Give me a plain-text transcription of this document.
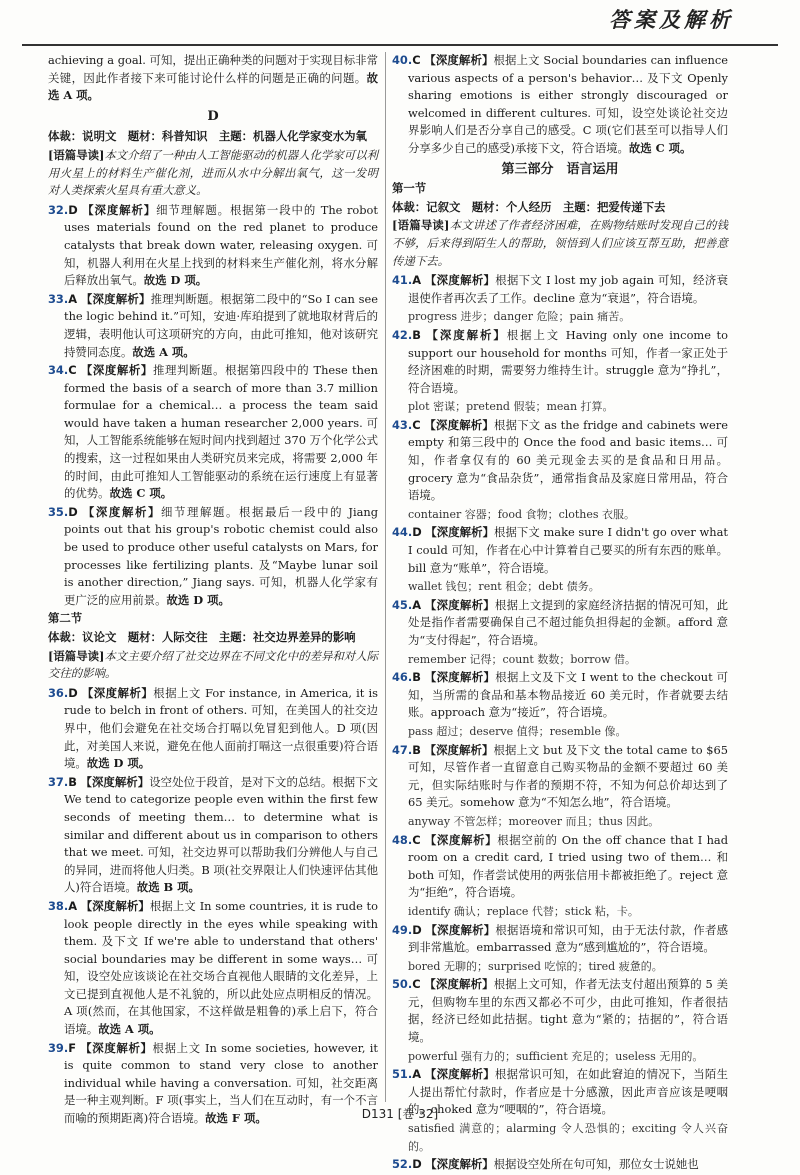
答案及解析

achieving a goal. 可知，提出正确种类的问题对于实现目标非常关键，因此作者接下来可能讨论什么样的问题是正确的问题。故选 A 项。

D
体裁：说明文　题材：科普知识　主题：机器人化学家变水为氧

[语篇导读]本文介绍了一种由人工智能驱动的机器人化学家可以利用火星上的材料生产催化剂，进而从水中分解出氧气，这一发明对人类探索火星具有重大意义。

32.D 【深度解析】细节理解题。根据第一段中的 The robot uses materials found on the red planet to produce catalysts that break down water, releasing oxygen. 可知，机器人利用在火星上找到的材料来生产催化剂，将水分解后释放出氧气。故选 D 项。

33.A 【深度解析】推理判断题。根据第二段中的“So I can see the logic behind it.”可知，安迪·库珀提到了就地取材背后的逻辑，表明他认可这项研究的方向，由此可推知，他对该研究持赞同态度。故选 A 项。

34.C 【深度解析】推理判断题。根据第四段中的 These then formed the basis of a search of more than 3.7 million formulae for a chemical… a process the team said would have taken a human researcher 2,000 years. 可知，人工智能系统能够在短时间内找到超过 370 万个化学公式的搜索，这一过程如果由人类研究员来完成，将需要 2,000 年的时间，由此可推知人工智能驱动的系统在运行速度上有显著的优势。故选 C 项。

35.D 【深度解析】细节理解题。根据最后一段中的 Jiang points out that his group's robotic chemist could also be used to produce other useful catalysts on Mars, for processes like fertilizing plants. 及“Maybe lunar soil is another direction,” Jiang says. 可知，机器人化学家有更广泛的应用前景。故选 D 项。

第二节
体裁：议论文　题材：人际交往　主题：社交边界差异的影响

[语篇导读]本文主要介绍了社交边界在不同文化中的差异和对人际交往的影响。

36.D 【深度解析】根据上文 For instance, in America, it is rude to belch in front of others. 可知，在美国人的社交边界中，他们会避免在社交场合打嗝以免冒犯到他人。D 项(因此，对美国人来说，避免在他人面前打嗝这一点很重要)符合语境。故选 D 项。

37.B 【深度解析】设空处位于段首，是对下文的总结。根据下文 We tend to categorize people even within the first few seconds of meeting them… to determine what is similar and different about us in comparison to others that we meet. 可知，社交边界可以帮助我们分辨他人与自己的异同，进而将他人归类。B 项(社交界限让人们快速评估其他人)符合语境。故选 B 项。

38.A 【深度解析】根据上文 In some countries, it is rude to look people directly in the eyes while speaking with them. 及下文 If we're able to understand that others' social boundaries may be different in some ways… 可知，设空处应该谈论在社交场合直视他人眼睛的文化差异，上文已提到直视他人是不礼貌的，所以此处应点明相反的情况。A 项(然而，在其他国家，不这样做是粗鲁的)承上启下，符合语境。故选 A 项。

39.F 【深度解析】根据上文 In some societies, however, it is quite common to stand very close to another individual while having a conversation. 可知，社交距离是一种主观判断。F 项(事实上，当人们在互动时，有一个不言而喻的预期距离)符合语境。故选 F 项。

40.C 【深度解析】根据上文 Social boundaries can influence various aspects of a person's behavior… 及下文 Openly sharing emotions is either strongly discouraged or welcomed in different cultures. 可知，设空处谈论社交边界影响人们是否分享自己的感受。C 项(它们甚至可以指导人们分享多少自己的感受)承接下文，符合语境。故选 C 项。

第三部分　语言运用
第一节
体裁：记叙文　题材：个人经历　主题：把爱传递下去

[语篇导读]本文讲述了作者经济困难，在购物结账时发现自己的钱不够，后来得到陌生人的帮助，领悟到人们应该互帮互助，把善意传递下去。

41.A 【深度解析】根据下文 I lost my job again 可知，经济衰退使作者再次丢了工作。decline 意为“衰退”，符合语境。

progress 进步；danger 危险；pain 痛苦。

42.B 【深度解析】根据上文 Having only one income to support our household for months 可知，作者一家正处于经济困难的时期，需要努力维持生计。struggle 意为“挣扎”，符合语境。

plot 密谋；pretend 假装；mean 打算。

43.C 【深度解析】根据下文 as the fridge and cabinets were empty 和第三段中的 Once the food and basic items… 可知，作者拿仅有的 60 美元现金去买的是食品和日用品。grocery 意为“食品杂货”，通常指食品及家庭日常用品，符合语境。

container 容器；food 食物；clothes 衣服。

44.D 【深度解析】根据下文 make sure I didn't go over what I could 可知，作者在心中计算着自己要买的所有东西的账单。bill 意为“账单”，符合语境。

wallet 钱包；rent 租金；debt 债务。

45.A 【深度解析】根据上文提到的家庭经济拮据的情况可知，此处是指作者需要确保自己不超过能负担得起的金额。afford 意为“支付得起”，符合语境。

remember 记得；count 数数；borrow 借。

46.B 【深度解析】根据上文及下文 I went to the checkout 可知，当所需的食品和基本物品接近 60 美元时，作者就要去结账。approach 意为“接近”，符合语境。

pass 超过；deserve 值得；resemble 像。

47.B 【深度解析】根据上文 but 及下文 the total came to $65 可知，尽管作者一直留意自己购买物品的金额不要超过 60 美元，但实际结账时与作者的预期不符，不知为何总价却达到了 65 美元。somehow 意为“不知怎么地”，符合语境。

anyway 不管怎样；moreover 而且；thus 因此。

48.C 【深度解析】根据空前的 On the off chance that I had room on a credit card, I tried using two of them… 和 both 可知，作者尝试使用的两张信用卡都被拒绝了。reject 意为“拒绝”，符合语境。

identify 确认；replace 代替；stick 粘，卡。

49.D 【深度解析】根据语境和常识可知，由于无法付款，作者感到非常尴尬。embarrassed 意为“感到尴尬的”，符合语境。

bored 无聊的；surprised 吃惊的；tired 疲惫的。

50.C 【深度解析】根据上文可知，作者无法支付超出预算的 5 美元，但购物车里的东西又都必不可少，由此可推知，作者很拮据，经济已经如此拮据。tight 意为“紧的；拮据的”，符合语境。

powerful 强有力的；sufficient 充足的；useless 无用的。

51.A 【深度解析】根据常识可知，在如此窘迫的情况下，当陌生人提出帮忙付款时，作者应是十分感激，因此声音应该是哽咽的。choked 意为“哽咽的”，符合语境。

satisfied 满意的；alarming 令人恐惧的；exciting 令人兴奋的。

52.D 【深度解析】根据设空处所在句可知，那位女士说她也

D131 [卷 32]
